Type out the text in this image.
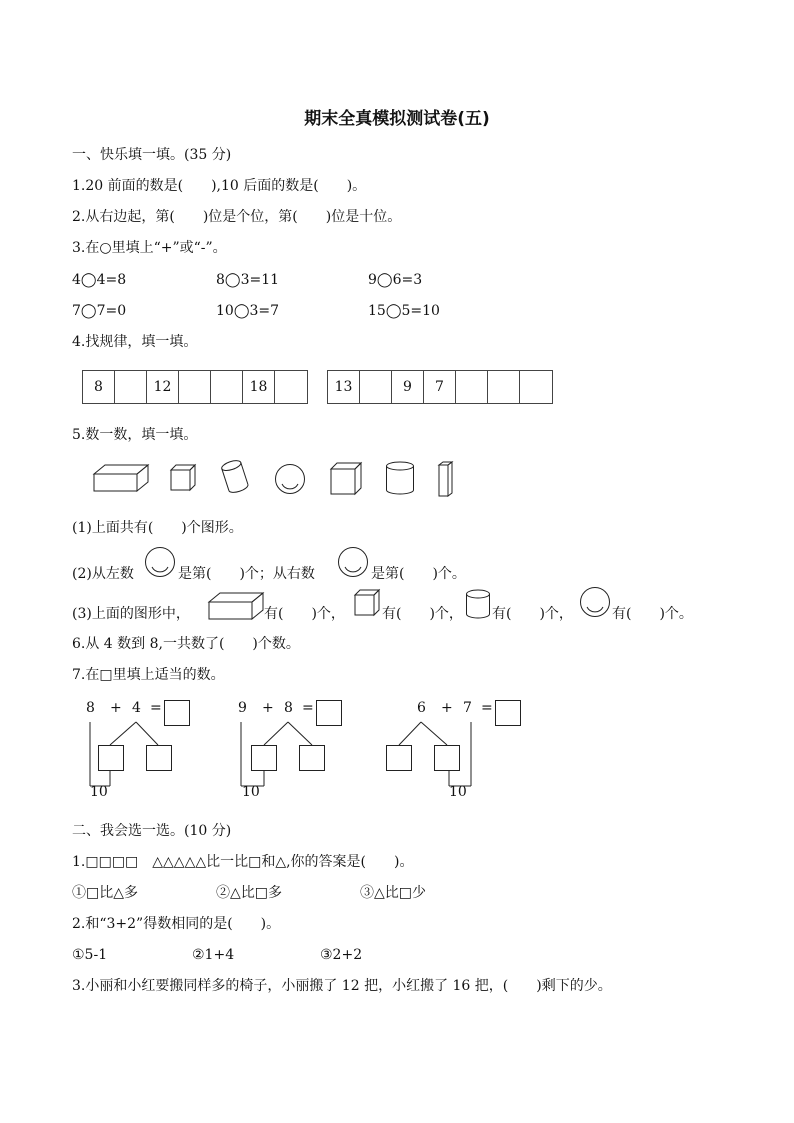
期末全真模拟测试卷(五)
一、快乐填一填。(35 分)
1.20 前面的数是(　　),10 后面的数是(　　)。
2.从右边起，第(　　)位是个位，第(　　)位是十位。
3.在○里填上“+”或“-”。
4◯4=8	8◯3=11	9◯6=3
7◯7=0	10◯3=7	15◯5=10
4.找规律，填一填。
8	12	18	13	9	7
5.数一数，填一填。
(1)上面共有(　　)个图形。
(2)从左数	是第(　　)个；从右数	是第(　　)个。
(3)上面的图形中，	有(　　)个，	有(　　)个， 有(　　)个，	有(　　)个。
6.从 4 数到 8,一共数了(　　)个数。
7.在□里填上适当的数。
8 + 4 =
10
9 + 8 =
10
6 + 7 =
10
二、我会选一选。(10 分)
1.□□□□　△△△△△比一比□和△,你的答案是(　　)。
①□比△多	②△比□多	③△比□少
2.和“3+2”得数相同的是(　　)。
①5-1	②1+4	③2+2
3.小丽和小红要搬同样多的椅子，小丽搬了 12 把，小红搬了 16 把，(　　)剩下的少。
